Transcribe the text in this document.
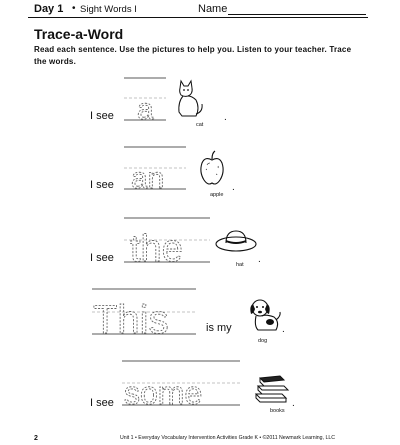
Day 1 • Sight Words I	Name
Trace-a-Word
Read each sentence. Use the pictures to help you. Listen to your teacher. Trace the words.
a
an
the
This
some
I see
cat
.
I see
apple
.
I see
hat .
is my
dog
.
I see
books
.
2	Unit 1 • Everyday Vocabulary Intervention Activities Grade K • ©2011 Newmark Learning, LLC
